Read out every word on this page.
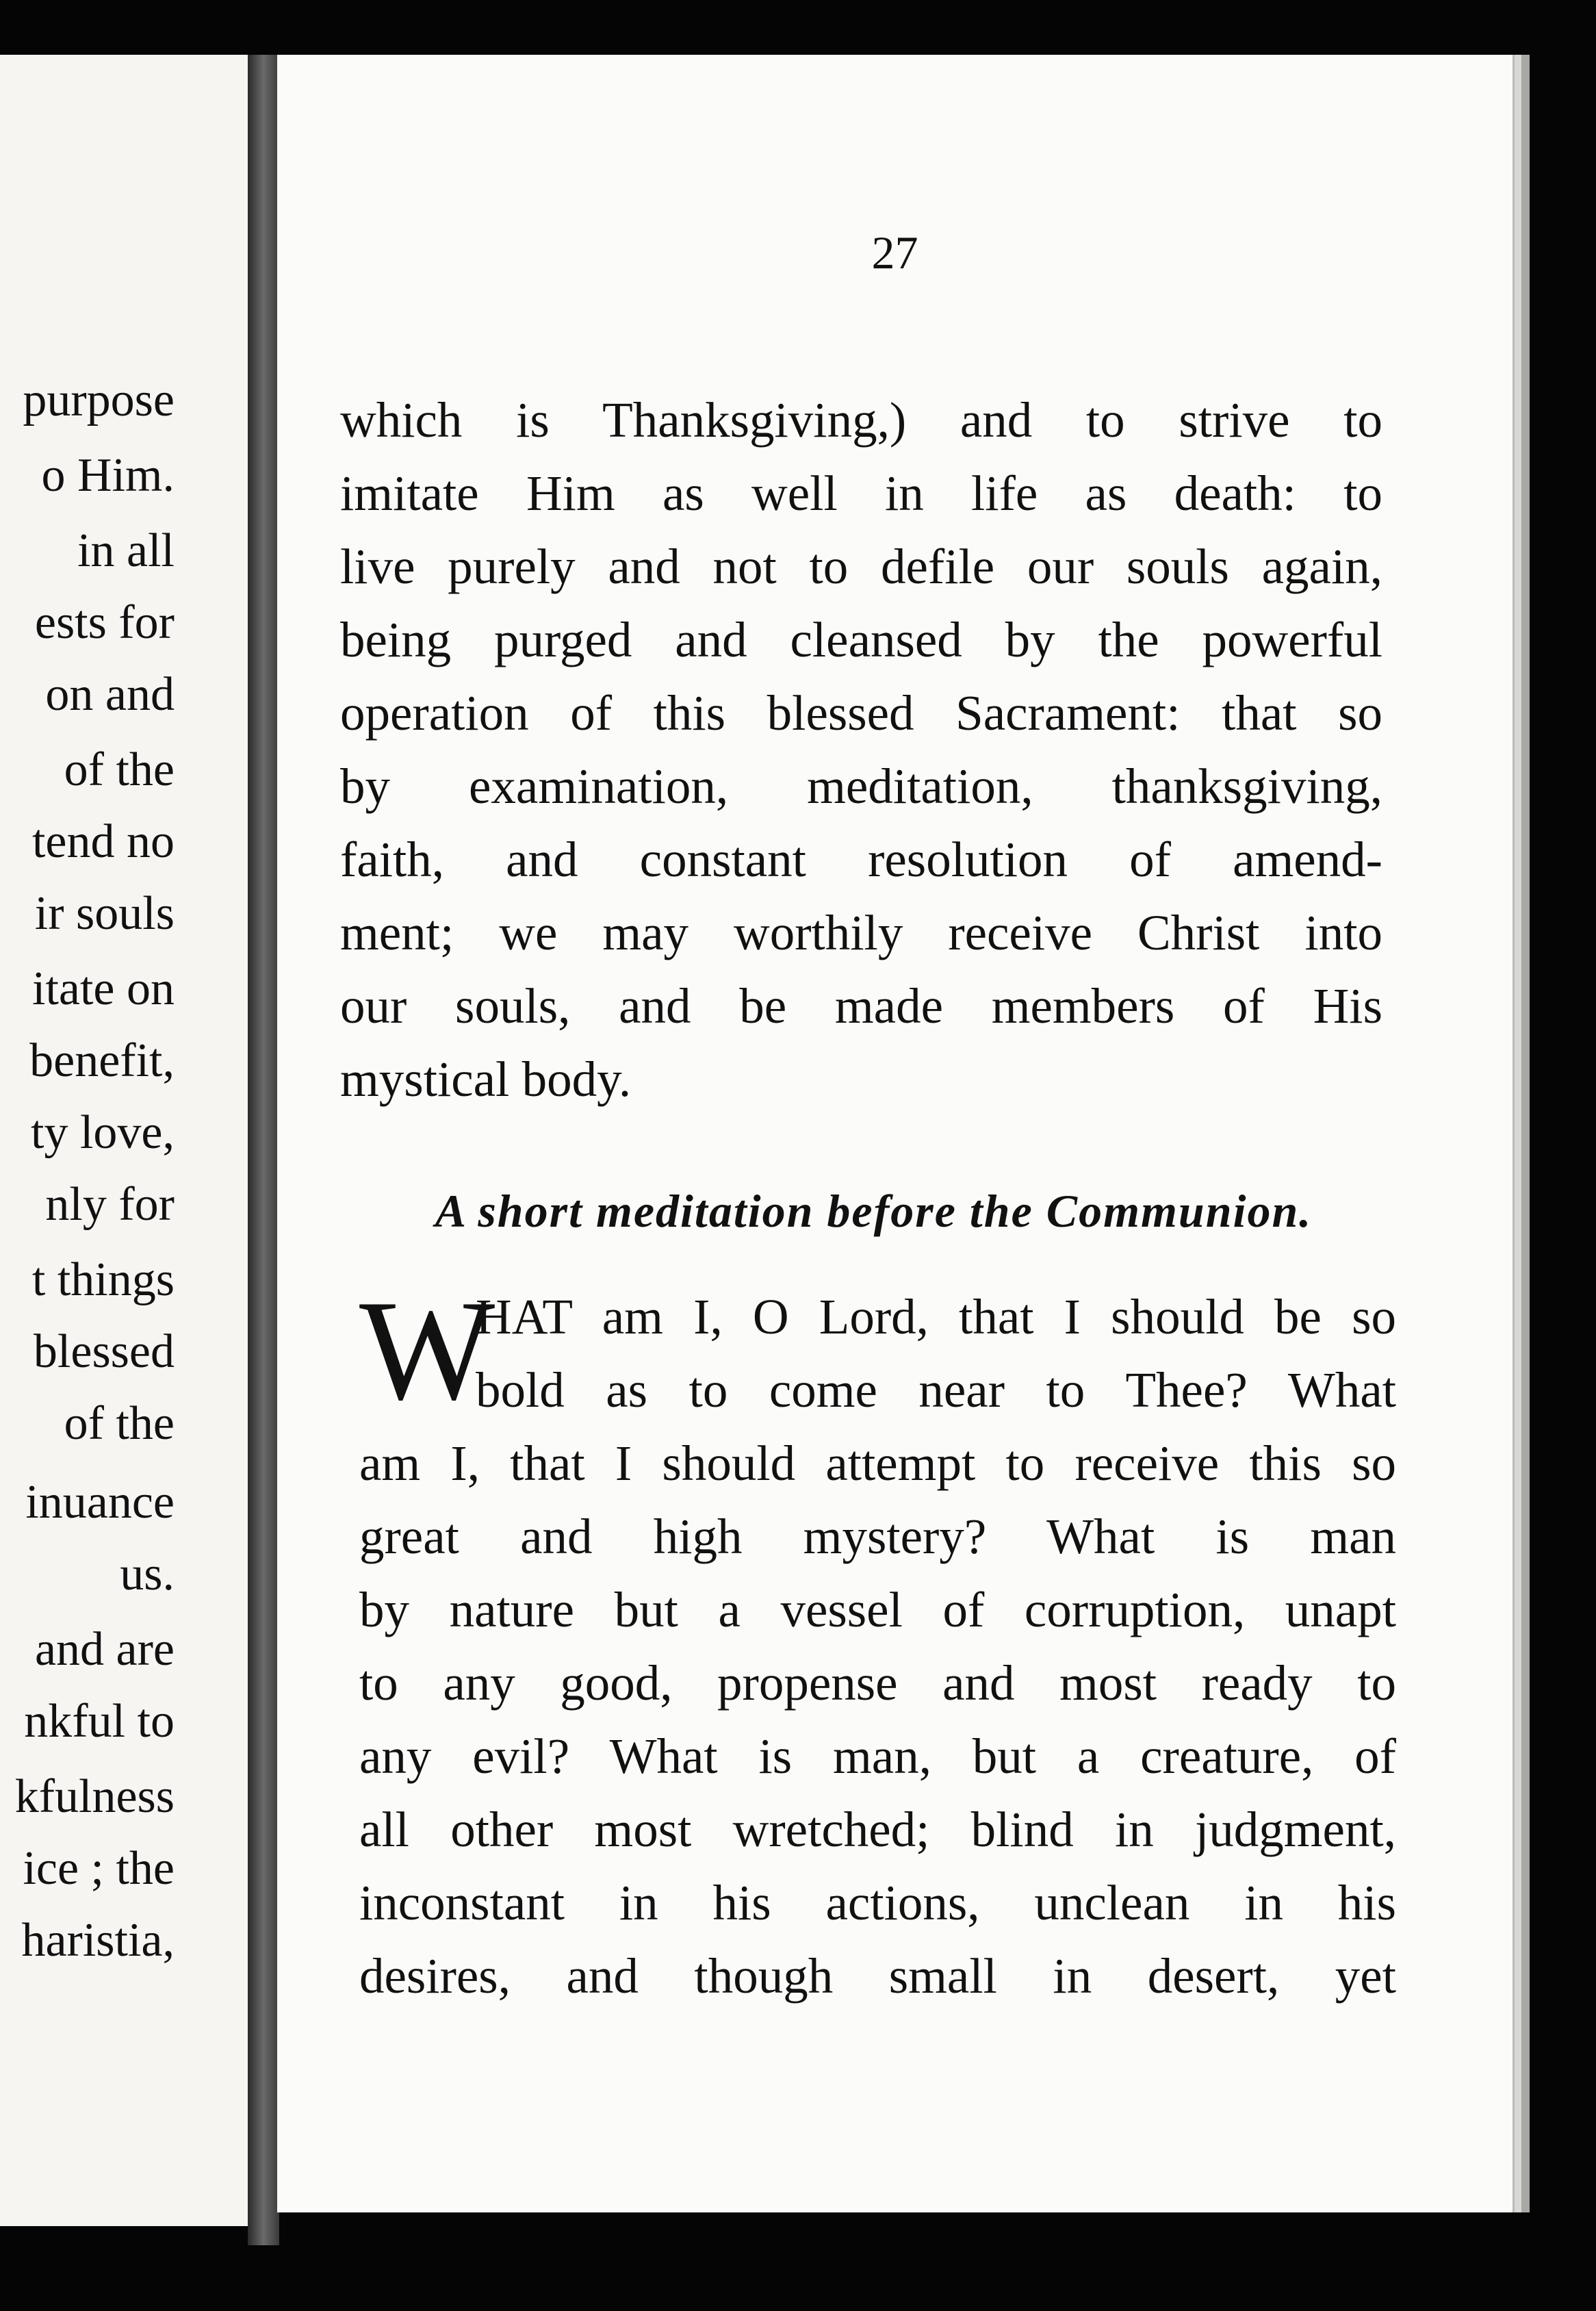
purpose
o Him.
in all
ests for
on and
of the
tend no
ir souls
itate on
benefit,
ty love,
nly for
t things
blessed
of the
inuance
us.
and are
nkful to
kfulness
ice ; the
haristia,
27
which is Thanksgiving,) and to strive to
imitate Him as well in life as death: to
live purely and not to defile our souls again,
being purged and cleansed by the powerful
operation of this blessed Sacrament: that so
by examination, meditation, thanksgiving,
faith, and constant resolution of amend-
ment; we may worthily receive Christ into
our souls, and be made members of His
mystical body.
A short meditation before the Communion.
W
HAT am I, O Lord, that I should be so
bold as to come near to Thee? What
am I, that I should attempt to receive this so
great and high mystery? What is man
by nature but a vessel of corruption, unapt
to any good, propense and most ready to
any evil? What is man, but a creature, of
all other most wretched; blind in judgment,
inconstant in his actions, unclean in his
desires, and though small in desert, yet
